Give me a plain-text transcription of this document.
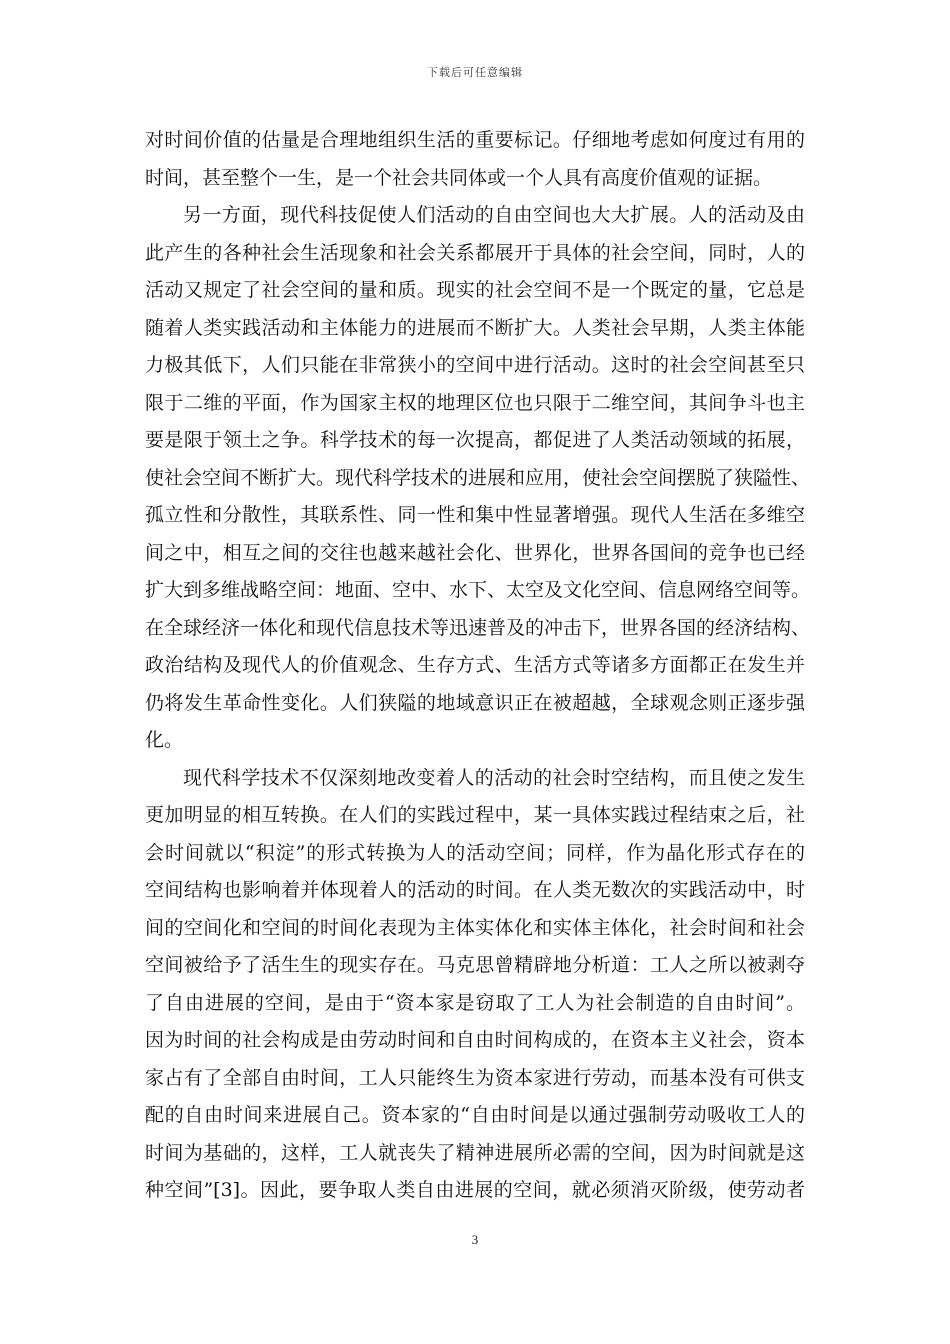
下载后可任意编辑
对时间价值的估量是合理地组织生活的重要标记。仔细地考虑如何度过有用的
时间，甚至整个一生，是一个社会共同体或一个人具有高度价值观的证据。
另一方面，现代科技促使人们活动的自由空间也大大扩展。人的活动及由
此产生的各种社会生活现象和社会关系都展开于具体的社会空间，同时，人的
活动又规定了社会空间的量和质。现实的社会空间不是一个既定的量，它总是
随着人类实践活动和主体能力的进展而不断扩大。人类社会早期，人类主体能
力极其低下，人们只能在非常狭小的空间中进行活动。这时的社会空间甚至只
限于二维的平面，作为国家主权的地理区位也只限于二维空间，其间争斗也主
要是限于领土之争。科学技术的每一次提高，都促进了人类活动领域的拓展，
使社会空间不断扩大。现代科学技术的进展和应用，使社会空间摆脱了狭隘性、
孤立性和分散性，其联系性、同一性和集中性显著增强。现代人生活在多维空
间之中，相互之间的交往也越来越社会化、世界化，世界各国间的竞争也已经
扩大到多维战略空间：地面、空中、水下、太空及文化空间、信息网络空间等。
在全球经济一体化和现代信息技术等迅速普及的冲击下，世界各国的经济结构、
政治结构及现代人的价值观念、生存方式、生活方式等诸多方面都正在发生并
仍将发生革命性变化。人们狭隘的地域意识正在被超越，全球观念则正逐步强
化。
现代科学技术不仅深刻地改变着人的活动的社会时空结构，而且使之发生
更加明显的相互转换。在人们的实践过程中，某一具体实践过程结束之后，社
会时间就以“积淀”的形式转换为人的活动空间；同样，作为晶化形式存在的
空间结构也影响着并体现着人的活动的时间。在人类无数次的实践活动中，时
间的空间化和空间的时间化表现为主体实体化和实体主体化，社会时间和社会
空间被给予了活生生的现实存在。马克思曾精辟地分析道：工人之所以被剥夺
了自由进展的空间，是由于“资本家是窃取了工人为社会制造的自由时间”。
因为时间的社会构成是由劳动时间和自由时间构成的，在资本主义社会，资本
家占有了全部自由时间，工人只能终生为资本家进行劳动，而基本没有可供支
配的自由时间来进展自己。资本家的“自由时间是以通过强制劳动吸收工人的
时间为基础的，这样，工人就丧失了精神进展所必需的空间，因为时间就是这
种空间”[3]。因此，要争取人类自由进展的空间，就必须消灭阶级，使劳动者
3
